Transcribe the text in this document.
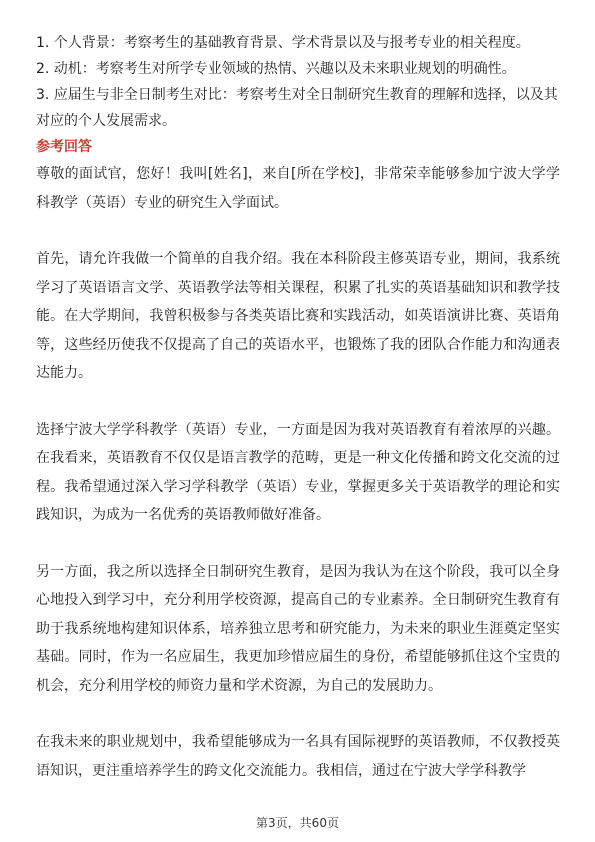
1. 个人背景：考察考生的基础教育背景、学术背景以及与报考专业的相关程度。

2. 动机：考察考生对所学专业领域的热情、兴趣以及未来职业规划的明确性。

3. 应届生与非全日制考生对比：考察考生对全日制研究生教育的理解和选择，以及其对应的个人发展需求。

参考回答

尊敬的面试官，您好！我叫[姓名]，来自[所在学校]，非常荣幸能够参加宁波大学学科教学（英语）专业的研究生入学面试。

首先，请允许我做一个简单的自我介绍。我在本科阶段主修英语专业，期间，我系统学习了英语语言文学、英语教学法等相关课程，积累了扎实的英语基础知识和教学技能。在大学期间，我曾积极参与各类英语比赛和实践活动，如英语演讲比赛、英语角等，这些经历使我不仅提高了自己的英语水平，也锻炼了我的团队合作能力和沟通表达能力。

选择宁波大学学科教学（英语）专业，一方面是因为我对英语教育有着浓厚的兴趣。在我看来，英语教育不仅仅是语言教学的范畴，更是一种文化传播和跨文化交流的过程。我希望通过深入学习学科教学（英语）专业，掌握更多关于英语教学的理论和实践知识，为成为一名优秀的英语教师做好准备。

另一方面，我之所以选择全日制研究生教育，是因为我认为在这个阶段，我可以全身心地投入到学习中，充分利用学校资源，提高自己的专业素养。全日制研究生教育有助于我系统地构建知识体系，培养独立思考和研究能力，为未来的职业生涯奠定坚实基础。同时，作为一名应届生，我更加珍惜应届生的身份，希望能够抓住这个宝贵的机会，充分利用学校的师资力量和学术资源，为自己的发展助力。

在我未来的职业规划中，我希望能够成为一名具有国际视野的英语教师，不仅教授英语知识，更注重培养学生的跨文化交流能力。我相信，通过在宁波大学学科教学

第3页，共60页
